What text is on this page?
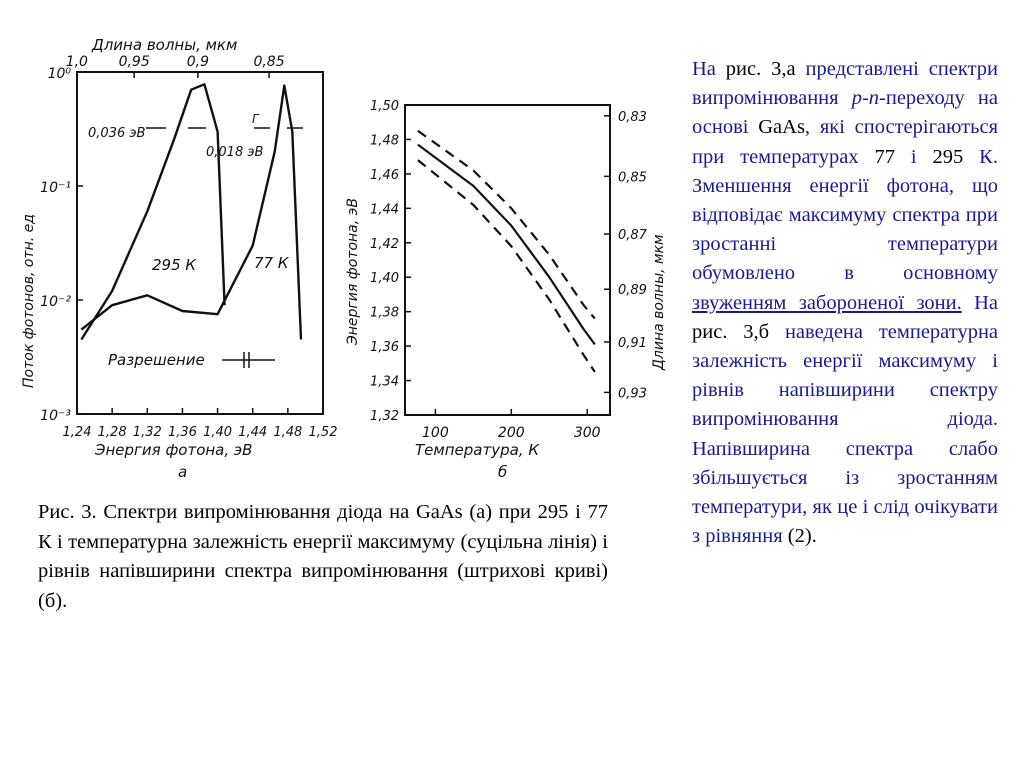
Длина волны, мкм
1,0 0,95	0,9	0,85
10⁰
10⁻¹
10⁻²
10⁻³
1,24 1,28 1,32 1,36 1,40 1,44 1,48 1,52
Поток фотонов, отн. ед
Энергия фотона, эВ
а
0,036 эВ
0,018 эВ
Г
295 К	77 К
Разрешение
1,50
1,48
1,46
1,44
1,42
1,40
1,38
1,36
1,34
1,32
0,83
0,85
0,87
0,89
0,91
0,93
100	200	300
Энергия фотона, эВ	Длина волны, мкм
Температура, К
б
Рис. 3. Спектри випромінювання діода на GaAs (а) при 295 і 77 К і температурна залежність енергії максимуму (суцільна лінія) і рівнів напівширини спектра випромінювання (штрихові криві) (б).
На рис. 3,а представлені спектри випромінювання p-n-переходу на основі GaAs, які спостерігаються при температурах 77 і 295 К. Зменшення енергії фотона, що відповідає максимуму спектра при зростанні температури обумовлено в основному звуженням забороненої зони. На рис. 3,б наведена температурна залежність енергії максимуму і рівнів напівширини спектру випромінювання діода. Напівширина спектра слабо збільшується із зростанням температури, як це і слід очікувати з рівняння (2).
